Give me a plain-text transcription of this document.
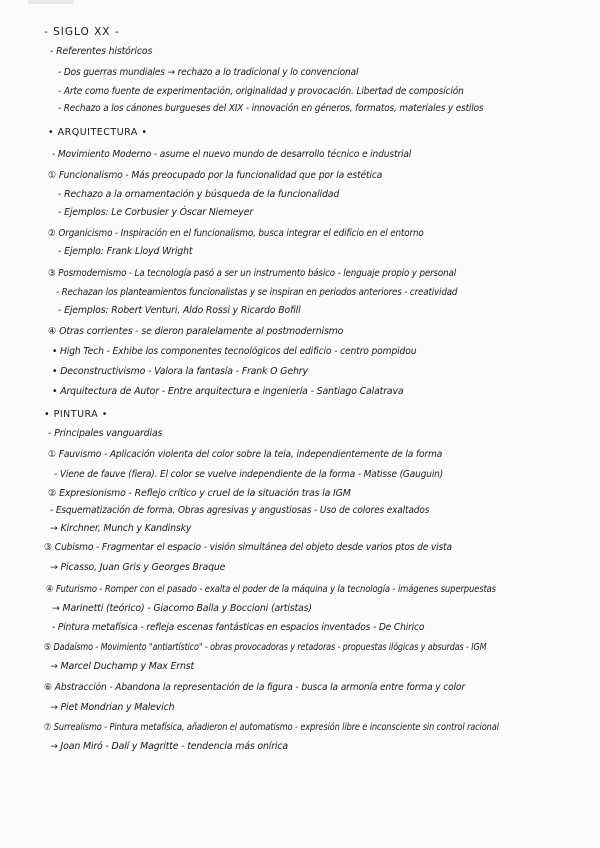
- SIGLO XX -
- Referentes históricos
- Dos guerras mundiales → rechazo a lo tradicional y lo convencional
- Arte como fuente de experimentación, originalidad y provocación. Libertad de composición
- Rechazo a los cánones burgueses del XIX - innovación en géneros, formatos, materiales y estilos
• ARQUITECTURA •
- Movimiento Moderno - asume el nuevo mundo de desarrollo técnico e industrial
① Funcionalismo - Más preocupado por la funcionalidad que por la estética
- Rechazo a la ornamentación y búsqueda de la funcionalidad
- Ejemplos: Le Corbusier y Óscar Niemeyer
② Organicismo - Inspiración en el funcionalismo, busca integrar el edificio en el entorno
- Ejemplo: Frank Lloyd Wright
③ Posmodernismo - La tecnología pasó a ser un instrumento básico - lenguaje propio y personal
- Rechazan los planteamientos funcionalistas y se inspiran en periodos anteriores - creatividad
- Ejemplos: Robert Venturi, Aldo Rossi y Ricardo Bofill
④ Otras corrientes - se dieron paralelamente al postmodernismo
• High Tech - Exhibe los componentes tecnológicos del edificio - centro pompidou
• Deconstructivismo - Valora la fantasía - Frank O Gehry
• Arquitectura de Autor - Entre arquitectura e ingeniería - Santiago Calatrava
• PINTURA •
- Principales vanguardias
① Fauvismo - Aplicación violenta del color sobre la tela, independientemente de la forma
- Viene de fauve (fiera). El color se vuelve independiente de la forma - Matisse (Gauguin)
② Expresionismo - Reflejo crítico y cruel de la situación tras la IGM
- Esquematización de forma. Obras agresivas y angustiosas - Uso de colores exaltados
→ Kirchner, Munch y Kandinsky
③ Cubismo - Fragmentar el espacio - visión simultánea del objeto desde varios ptos de vista
→ Picasso, Juan Gris y Georges Braque
④ Futurismo - Romper con el pasado - exalta el poder de la máquina y la tecnología - imágenes superpuestas
→ Marinetti (teórico) - Giacomo Balla y Boccioni (artistas)
- Pintura metafísica - refleja escenas fantásticas en espacios inventados - De Chirico
⑤ Dadaísmo - Movimiento "antiartístico" - obras provocadoras y retadoras - propuestas ilógicas y absurdas - IGM
→ Marcel Duchamp y Max Ernst
⑥ Abstracción - Abandona la representación de la figura - busca la armonía entre forma y color
→ Piet Mondrian y Malevich
⑦ Surrealismo - Pintura metafísica, añadieron el automatismo - expresión libre e inconsciente sin control racional
→ Joan Miró - Dalí y Magritte - tendencia más onírica
